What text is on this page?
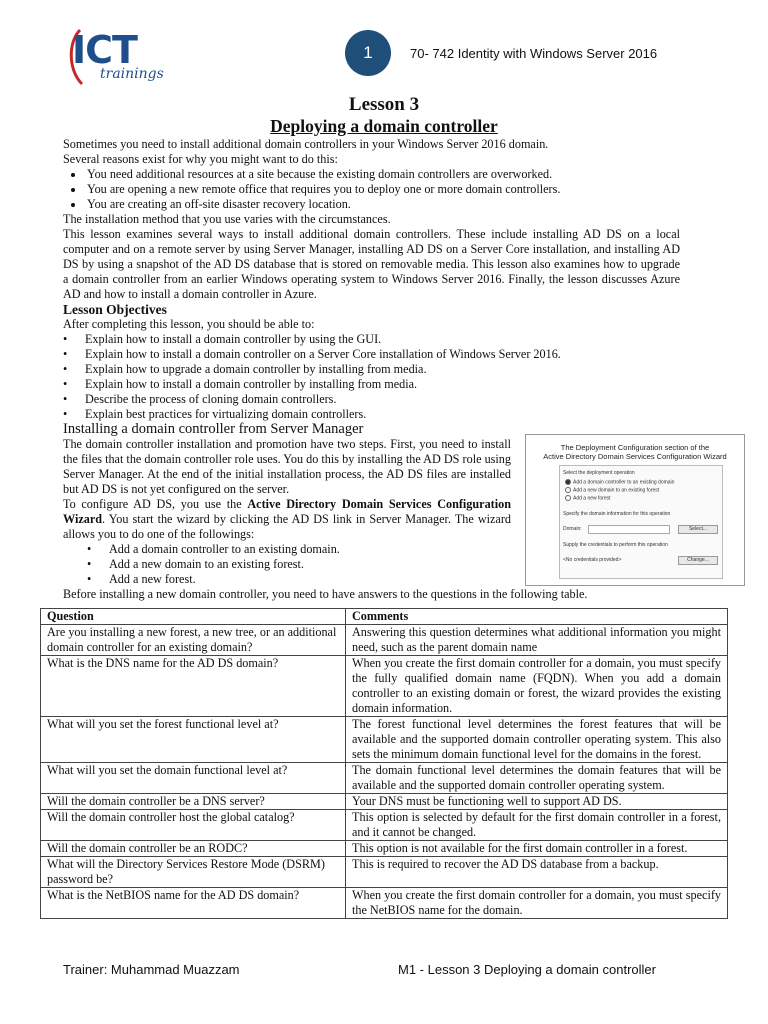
ICT
trainings
1	70- 742 Identity with Windows Server 2016
Lesson 3
Deploying a domain controller

Sometimes you need to install additional domain controllers in your Windows Server 2016 domain.

Several reasons exist for why you might want to do this:

• You need additional resources at a site because the existing domain controllers are overworked.
• You are opening a new remote office that requires you to deploy one or more domain controllers.
• You are creating an off-site disaster recovery location.

The installation method that you use varies with the circumstances.

This lesson examines several ways to install additional domain controllers. These include installing AD DS on a local computer and on a remote server by using Server Manager, installing AD DS on a Server Core installation, and installing AD DS by using a snapshot of the AD DS database that is stored on removable media. This lesson also examines how to upgrade a domain controller from an earlier Windows operating system to Windows Server 2016. Finally, the lesson discusses Azure AD and how to install a domain controller in Azure.

Lesson Objectives

After completing this lesson, you should be able to:

• Explain how to install a domain controller by using the GUI.
• Explain how to install a domain controller on a Server Core installation of Windows Server 2016.
• Explain how to upgrade a domain controller by installing from media.
• Explain how to install a domain controller by installing from media.
• Describe the process of cloning domain controllers.
• Explain best practices for virtualizing domain controllers.

Installing a domain controller from Server Manager

The domain controller installation and promotion have two steps. First, you need to install the files that the domain controller role uses. You do this by installing the AD DS role using Server Manager. At the end of the initial installation process, the AD DS files are installed but AD DS is not yet configured on the server.

To configure AD DS, you use the Active Directory Domain Services Configuration Wizard. You start the wizard by clicking the AD DS link in Server Manager. The wizard allows you to do one of the followings:

• Add a domain controller to an existing domain.
• Add a new domain to an existing forest.
• Add a new forest.

Before installing a new domain controller, you need to have answers to the questions in the following table.

The Deployment Configuration section of the
Active Directory Domain Services Configuration Wizard
Select the deployment operation
Add a domain controller to an existing domain
Add a new domain to an existing forest
Add a new forest
Specify the domain information for this operation
Domain:	Select...
Supply the credentials to perform this operation
<No credentials provided>	Change...
Question	Comments
Are you installing a new forest, a new tree, or an additional domain controller for an existing domain?	Answering this question determines what additional information you might need, such as the parent domain name
What is the DNS name for the AD DS domain?	When you create the first domain controller for a domain, you must specify the fully qualified domain name (FQDN). When you add a domain controller to an existing domain or forest, the wizard provides the existing domain information.
What will you set the forest functional level at?	The forest functional level determines the forest features that will be available and the supported domain controller operating system. This also sets the minimum domain functional level for the domains in the forest.
What will you set the domain functional level at?	The domain functional level determines the domain features that will be available and the supported domain controller operating system.
Will the domain controller be a DNS server?	Your DNS must be functioning well to support AD DS.
Will the domain controller host the global catalog?	This option is selected by default for the first domain controller in a forest, and it cannot be changed.
Will the domain controller be an RODC?	This option is not available for the first domain controller in a forest.
What will the Directory Services Restore Mode (DSRM) password be?	This is required to recover the AD DS database from a backup.
What is the NetBIOS name for the AD DS domain?	When you create the first domain controller for a domain, you must specify the NetBIOS name for the domain.
Trainer: Muhammad Muazzam	M1 - Lesson 3 Deploying a domain controller
